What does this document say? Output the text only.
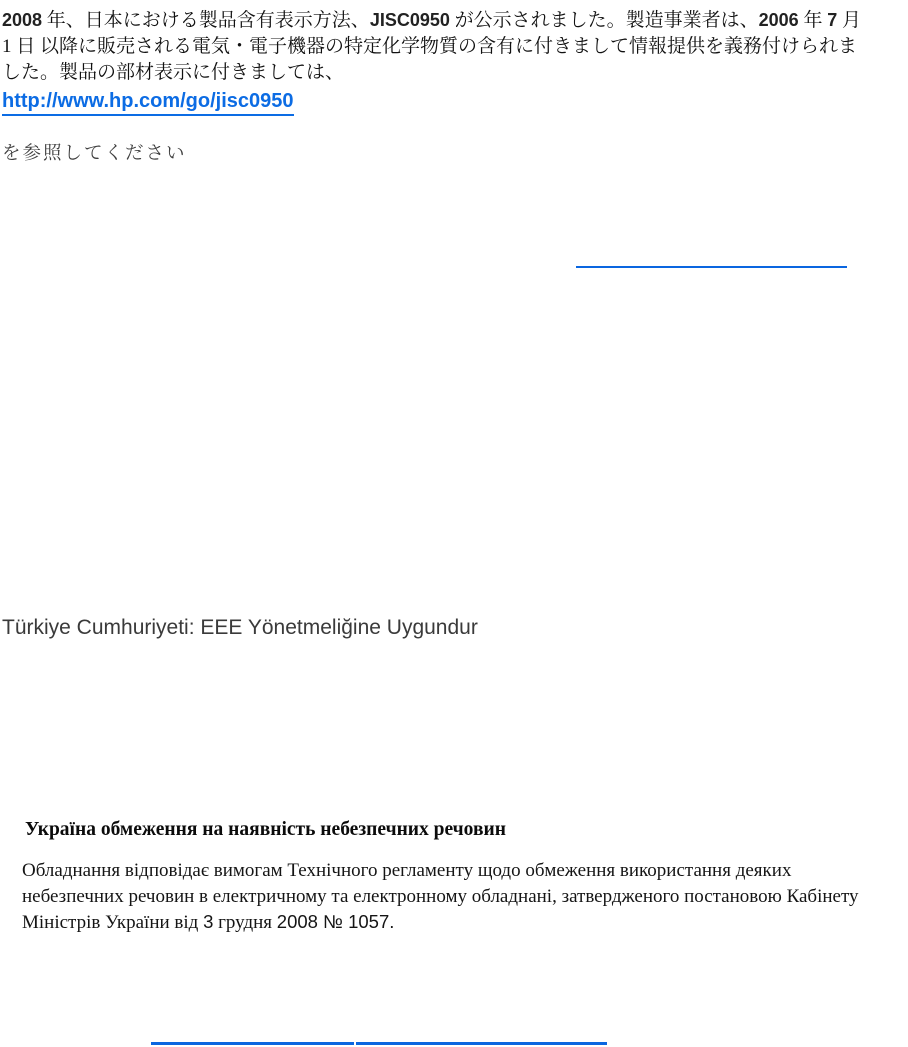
2008 年、日本における製品含有表示方法、JISC0950 が公示されました。製造事業者は、2006 年 7 月
1 日 以降に販売される電気・電子機器の特定化学物質の含有に付きまして情報提供を義務付けられま
した。製品の部材表示に付きましては、
http://www.hp.com/go/jisc0950
を参照してください
Türkiye Cumhuriyeti: EEE Yönetmeliğine Uygundur
Україна обмеження на наявність небезпечних речовин
Обладнання відповідає вимогам Технічного регламенту щодо обмеження використання деяких
небезпечних речовин в електричному та електронному обладнані, затвердженого постановою Кабінету
Міністрів України від 3 грудня 2008 № 1057.
